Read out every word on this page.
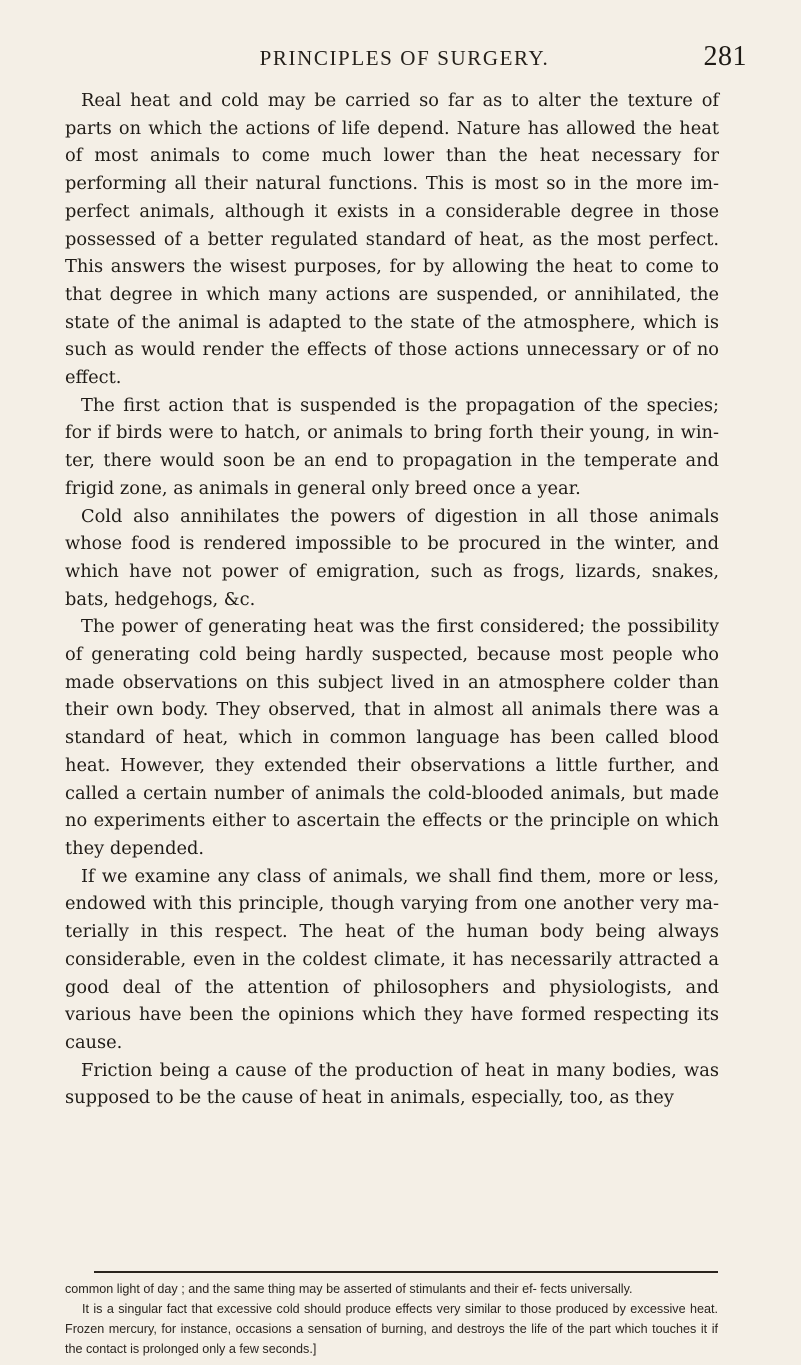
PRINCIPLES OF SURGERY.	281

Real heat and cold may be carried so far as to alter the texture of parts on which the actions of life depend. Nature has allowed the heat of most animals to come much lower than the heat necessary for performing all their natural functions. This is most so in the more im- perfect animals, although it exists in a considerable degree in those possessed of a better regulated standard of heat, as the most perfect. This answers the wisest purposes, for by allowing the heat to come to that degree in which many actions are suspended, or annihilated, the state of the animal is adapted to the state of the atmosphere, which is such as would render the effects of those actions unnecessary or of no effect.

The first action that is suspended is the propagation of the species; for if birds were to hatch, or animals to bring forth their young, in win- ter, there would soon be an end to propagation in the temperate and frigid zone, as animals in general only breed once a year.

Cold also annihilates the powers of digestion in all those animals whose food is rendered impossible to be procured in the winter, and which have not power of emigration, such as frogs, lizards, snakes, bats, hedgehogs, &c.

The power of generating heat was the first considered; the possibility of generating cold being hardly suspected, because most people who made observations on this subject lived in an atmosphere colder than their own body. They observed, that in almost all animals there was a standard of heat, which in common language has been called blood heat. However, they extended their observations a little further, and called a certain number of animals the cold-blooded animals, but made no experiments either to ascertain the effects or the principle on which they depended.

If we examine any class of animals, we shall find them, more or less, endowed with this principle, though varying from one another very ma- terially in this respect. The heat of the human body being always considerable, even in the coldest climate, it has necessarily attracted a good deal of the attention of philosophers and physiologists, and various have been the opinions which they have formed respecting its cause.

Friction being a cause of the production of heat in many bodies, was supposed to be the cause of heat in animals, especially, too, as they

common light of day ; and the same thing may be asserted of stimulants and their ef- fects universally.

It is a singular fact that excessive cold should produce effects very similar to those produced by excessive heat. Frozen mercury, for instance, occasions a sensation of burning, and destroys the life of the part which touches it if the contact is prolonged only a few seconds.]
